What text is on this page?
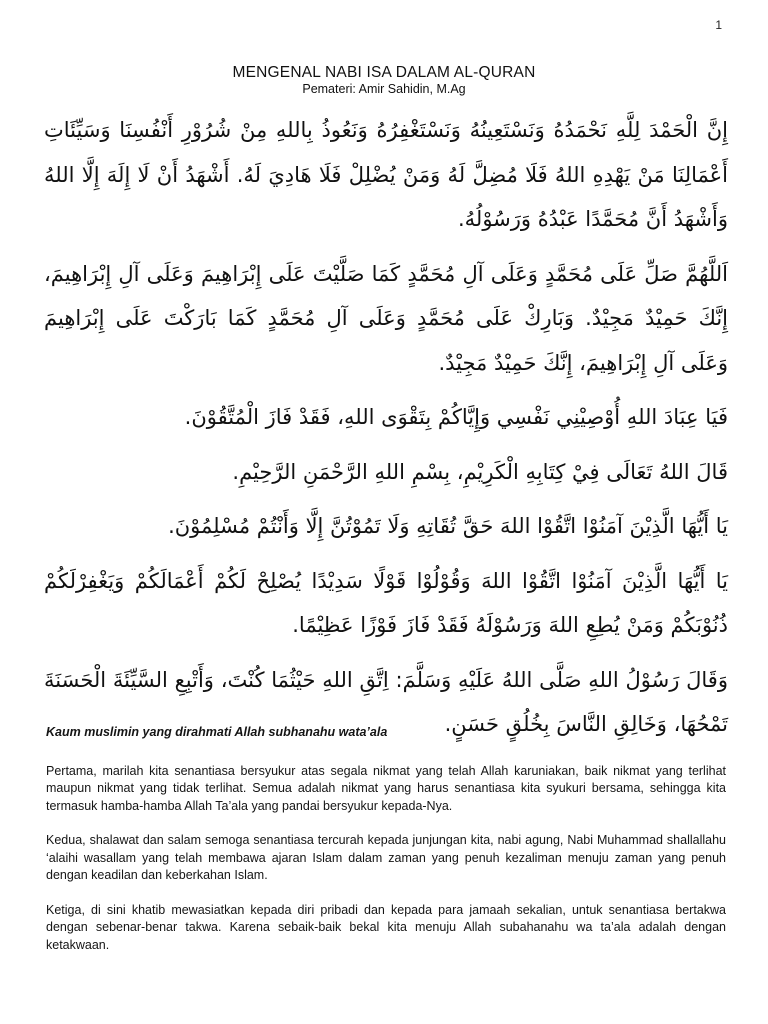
1
MENGENAL NABI ISA DALAM AL-QURAN
Pemateri: Amir Sahidin, M.Ag

إِنَّ الْحَمْدَ لِلَّهِ نَحْمَدُهُ وَنَسْتَعِينُهُ وَنَسْتَغْفِرُهُ وَنَعُوذُ بِاللهِ مِنْ شُرُوْرِ أَنْفُسِنَا وَسَيِّئَاتِ أَعْمَالِنَا مَنْ يَهْدِهِ اللهُ فَلَا مُضِلَّ لَهُ وَمَنْ يُضْلِلْ فَلَا هَادِيَ لَهُ. أَشْهَدُ أَنْ لَا إِلَهَ إِلَّا اللهُ وَأَشْهَدُ أَنَّ مُحَمَّدًا عَبْدُهُ وَرَسُوْلُهُ.

اَللَّهُمَّ صَلِّ عَلَى مُحَمَّدٍ وَعَلَى آلِ مُحَمَّدٍ كَمَا صَلَّيْتَ عَلَى إِبْرَاهِيمَ وَعَلَى آلِ إِبْرَاهِيمَ، إِنَّكَ حَمِيْدٌ مَجِيْدٌ. وَبَارِكْ عَلَى مُحَمَّدٍ وَعَلَى آلِ مُحَمَّدٍ كَمَا بَارَكْتَ عَلَى إِبْرَاهِيمَ وَعَلَى آلِ إِبْرَاهِيمَ، إِنَّكَ حَمِيْدٌ مَجِيْدٌ.

فَيَا عِبَادَ اللهِ أُوْصِيْنِي نَفْسِي وَإِيَّاكُمْ بِتَقْوَى اللهِ، فَقَدْ فَازَ الْمُتَّقُوْنَ.

قَالَ اللهُ تَعَالَى فِيْ كِتَابِهِ الْكَرِيْمِ، بِسْمِ اللهِ الرَّحْمَنِ الرَّحِيْمِ.

يَا أَيُّهَا الَّذِيْنَ آمَنُوْا اتَّقُوْا اللهَ حَقَّ تُقَاتِهِ وَلَا تَمُوْتُنَّ إِلَّا وَأَنْتُمْ مُسْلِمُوْنَ.

يَا أَيُّهَا الَّذِيْنَ آمَنُوْا اتَّقُوْا اللهَ وَقُوْلُوْا قَوْلًا سَدِيْدًا يُصْلِحْ لَكُمْ أَعْمَالَكُمْ وَيَغْفِرْلَكُمْ ذُنُوْبَكُمْ وَمَنْ يُطِعِ اللهَ وَرَسُوْلَهُ فَقَدْ فَازَ فَوْزًا عَظِيْمًا.

وَقَالَ رَسُوْلُ اللهِ صَلَّى اللهُ عَلَيْهِ وَسَلَّمَ: اِتَّقِ اللهِ حَيْثُمَا كُنْتَ، وَأَتْبِعِ السَّيِّئَةَ الْحَسَنَةَ تَمْحُهَا، وَخَالِقِ النَّاسَ بِخُلُقٍ حَسَنٍ.

Kaum muslimin yang dirahmati Allah subhanahu wata’ala

Pertama, marilah kita senantiasa bersyukur atas segala nikmat yang telah Allah karuniakan, baik nikmat yang terlihat maupun nikmat yang tidak terlihat. Semua adalah nikmat yang harus senantiasa kita syukuri bersama, sehingga kita termasuk hamba-hamba Allah Ta’ala yang pandai bersyukur kepada-Nya.

Kedua, shalawat dan salam semoga senantiasa tercurah kepada junjungan kita, nabi agung, Nabi Muhammad shallallahu ‘alaihi wasallam yang telah membawa ajaran Islam dalam zaman yang penuh kezaliman menuju zaman yang penuh dengan keadilan dan keberkahan Islam.

Ketiga, di sini khatib mewasiatkan kepada diri pribadi dan kepada para jamaah sekalian, untuk senantiasa bertakwa dengan sebenar-benar takwa. Karena sebaik-baik bekal kita menuju Allah subahanahu wa ta’ala adalah dengan ketakwaan.
